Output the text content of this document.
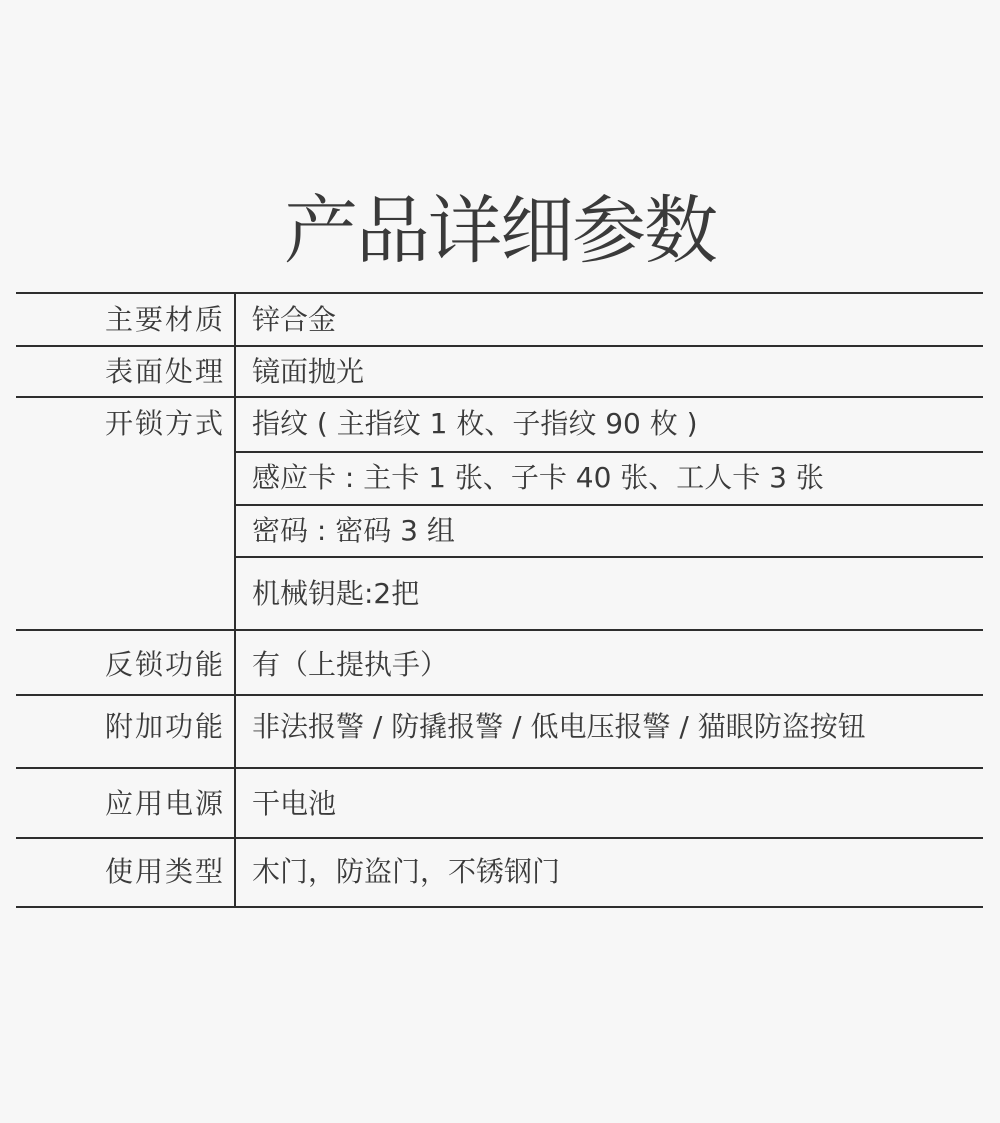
产品详细参数
主要材质 锌合金
表面处理 镜面抛光
开锁方式 指纹 ( 主指纹 1 枚、子指纹 90 枚 )
感应卡 : 主卡 1 张、子卡 40 张、工人卡 3 张
密码 : 密码 3 组
机械钥匙:2把
反锁功能 有（上提执手）
附加功能 非法报警 / 防撬报警 / 低电压报警 / 猫眼防盗按钮
应用电源 干电池
使用类型 木门，防盗门，不锈钢门
